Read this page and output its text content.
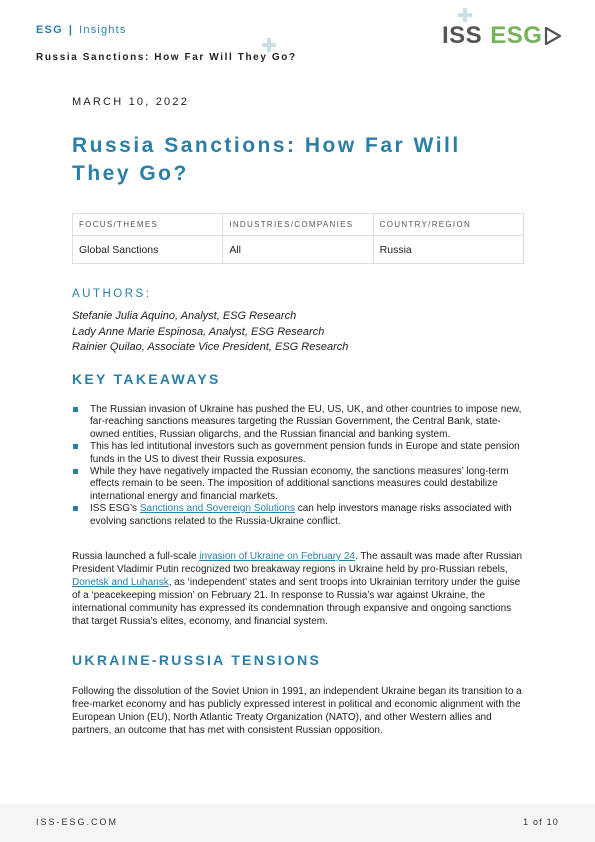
ESG | Insights
Russia Sanctions: How Far Will They Go?
ISS ESG
MARCH 10, 2022
Russia Sanctions: How Far Will They Go?
FOCUS/THEMES	INDUSTRIES/COMPANIES	COUNTRY/REGION
Global Sanctions	All	Russia
AUTHORS:
Stefanie Julia Aquino, Analyst, ESG Research
Lady Anne Marie Espinosa, Analyst, ESG Research
Rainier Quilao, Associate Vice President, ESG Research
KEY TAKEAWAYS
The Russian invasion of Ukraine has pushed the EU, US, UK, and other countries to impose new, far-reaching sanctions measures targeting the Russian Government, the Central Bank, state-owned entities, Russian oligarchs, and the Russian financial and banking system.
This has led intitutional investors such as government pension funds in Europe and state pension funds in the US to divest their Russia exposures.
While they have negatively impacted the Russian economy, the sanctions measures’ long-term effects remain to be seen. The imposition of additional sanctions measures could destabilize international energy and financial markets.
ISS ESG’s Sanctions and Sovereign Solutions can help investors manage risks associated with evolving sanctions related to the Russia-Ukraine conflict.

Russia launched a full-scale invasion of Ukraine on February 24. The assault was made after Russian President Vladimir Putin recognized two breakaway regions in Ukraine held by pro-Russian rebels, Donetsk and Luhansk, as ‘independent’ states and sent troops into Ukrainian territory under the guise of a ‘peacekeeping mission’ on February 21. In response to Russia’s war against Ukraine, the international community has expressed its condemnation through expansive and ongoing sanctions that target Russia’s elites, economy, and financial system.

UKRAINE-RUSSIA TENSIONS

Following the dissolution of the Soviet Union in 1991, an independent Ukraine began its transition to a free-market economy and has publicly expressed interest in political and economic alignment with the European Union (EU), North Atlantic Treaty Organization (NATO), and other Western allies and partners, an outcome that has met with consistent Russian opposition.

ISS-ESG.COM	1 of 10
